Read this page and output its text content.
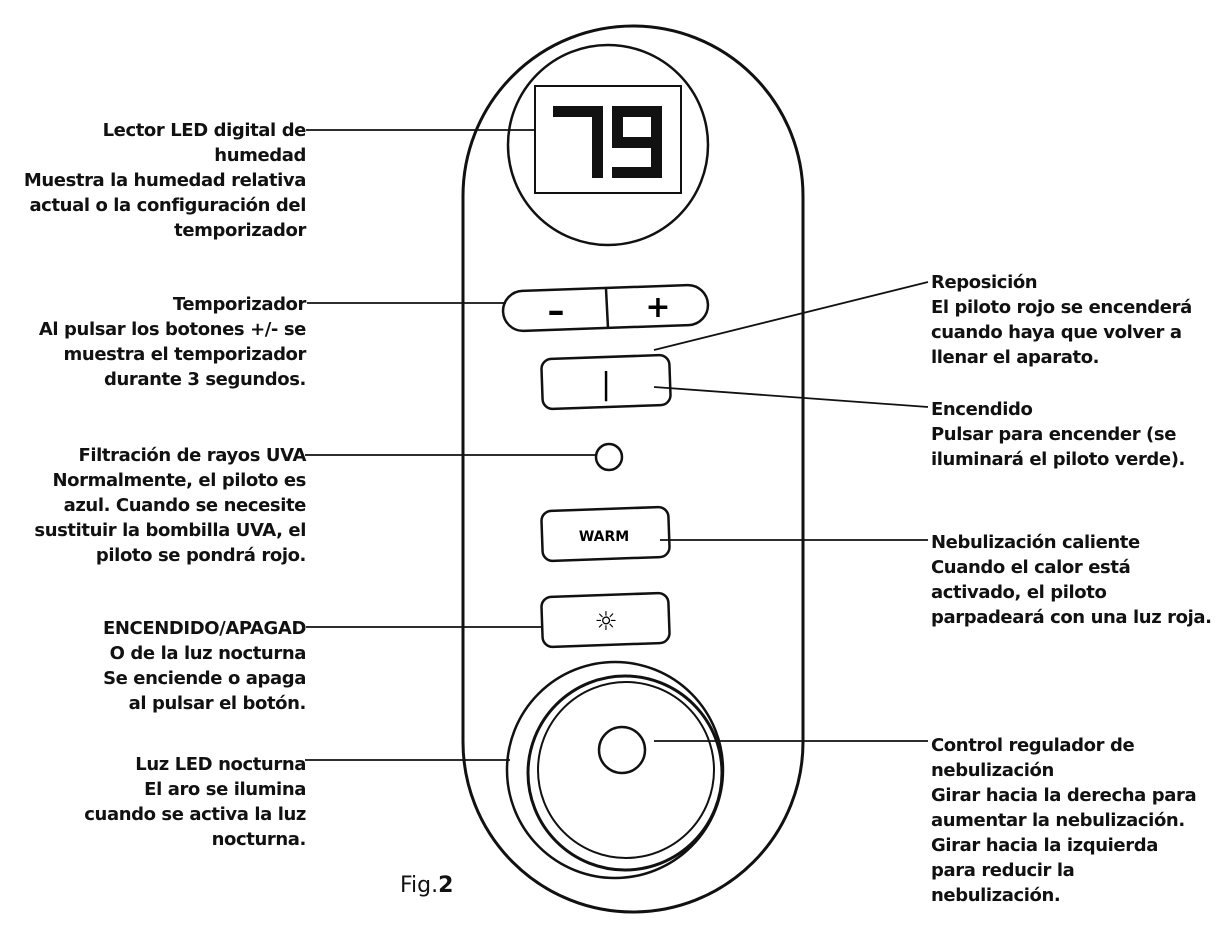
79
–	+
|
WARM
☼
Lector LED digital de
humedad
Muestra la humedad relativa
actual o la configuración del
temporizador
Temporizador
Al pulsar los botones +/- se
muestra el temporizador
durante 3 segundos.
Filtración de rayos UVA
Normalmente, el piloto es
azul. Cuando se necesite
sustituir la bombilla UVA, el
piloto se pondrá rojo.
ENCENDIDO/APAGAD
O de la luz nocturna
Se enciende o apaga
al pulsar el botón.
Luz LED nocturna
El aro se ilumina
cuando se activa la luz
nocturna.
Reposición
El piloto rojo se encenderá
cuando haya que volver a
llenar el aparato.
Encendido
Pulsar para encender (se
iluminará el piloto verde).
Nebulización caliente
Cuando el calor está
activado, el piloto
parpadeará con una luz roja.
Control regulador de
nebulización
Girar hacia la derecha para
aumentar la nebulización.
Girar hacia la izquierda
para reducir la
nebulización.
Fig.2
